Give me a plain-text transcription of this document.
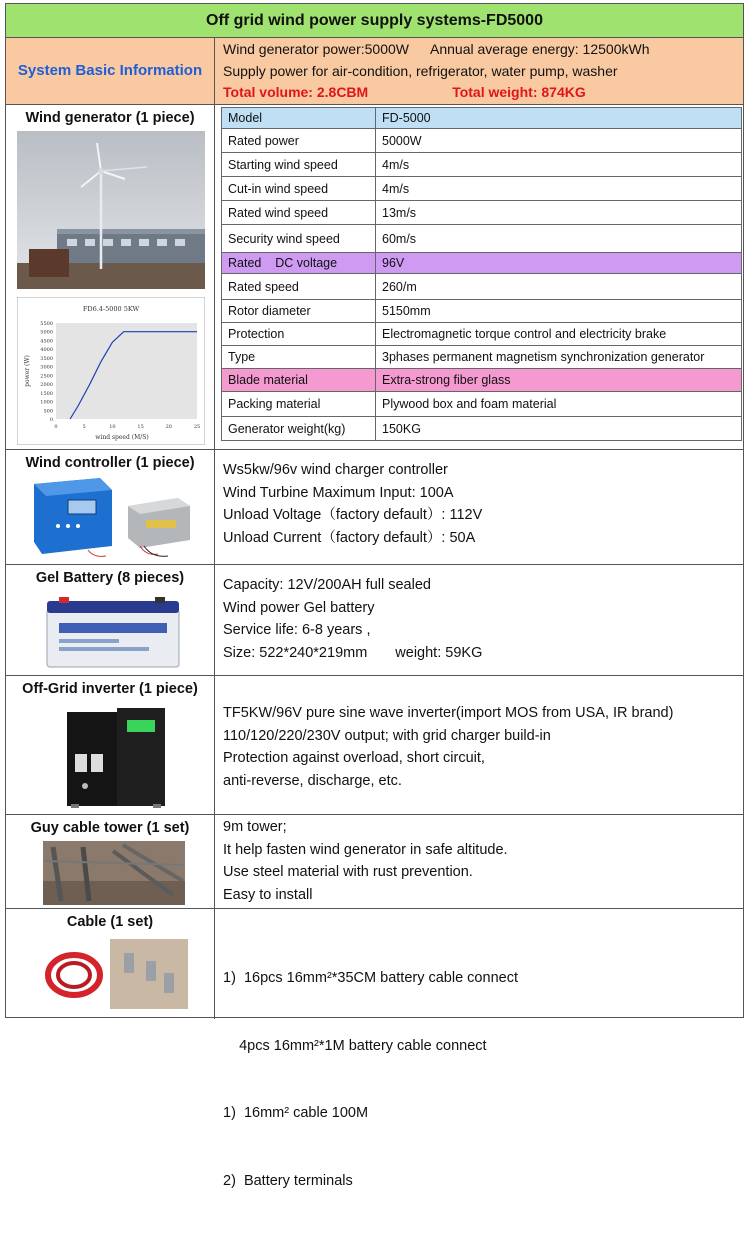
Off grid wind power supply systems-FD5000
System Basic Information
Wind generator power:5000W Annual average energy: 12500kWh
Supply power for air-condition, refrigerator, water pump, washer
Total volume: 2.8CBM	Total weight: 874KG
Wind generator (1 piece)
FD6.4-5000 5KW
0
500
1000
1500
2000
2500
3000
3500
4000
4500
5000
5500
0	5	10	15	20	25
wind speed (M/S)
power (W)
Model	FD-5000
Rated power	5000W
Starting wind speed	4m/s
Cut-in wind speed	4m/s
Rated wind speed	13m/s
Security wind speed	60m/s
Rated    DC voltage	96V
Rated speed	260/m
Rotor diameter	5150mm
Protection	Electromagnetic torque control and electricity brake
Type	3phases permanent magnetism synchronization generator
Blade material	Extra-strong fiber glass
Packing material	Plywood box and foam material
Generator weight(kg)	150KG
Wind controller (1 piece)	Ws5kw/96v wind charger controller
Wind Turbine Maximum Input: 100A
Unload Voltage（factory default）: 112V
Unload Current（factory default）: 50A
Gel Battery (8 pieces)	Capacity: 12V/200AH full sealed
Wind power Gel battery
Service life: 6-8 years ,
Size: 522*240*219mm weight: 59KG
Off-Grid inverter (1 piece)
TF5KW/96V pure sine wave inverter(import MOS from USA, IR brand)
110/120/220/230V output; with grid charger build-in
Protection against overload, short circuit,
anti-reverse, discharge, etc.
Guy cable tower (1 set)	9m tower;
It help fasten wind generator in safe altitude.
Use steel material with rust prevention.
Easy to install
Cable (1 set)

1)  16pcs 16mm²*35CM battery cable connect

4pcs 16mm²*1M battery cable connect

1)  16mm² cable 100M

2)  Battery terminals
